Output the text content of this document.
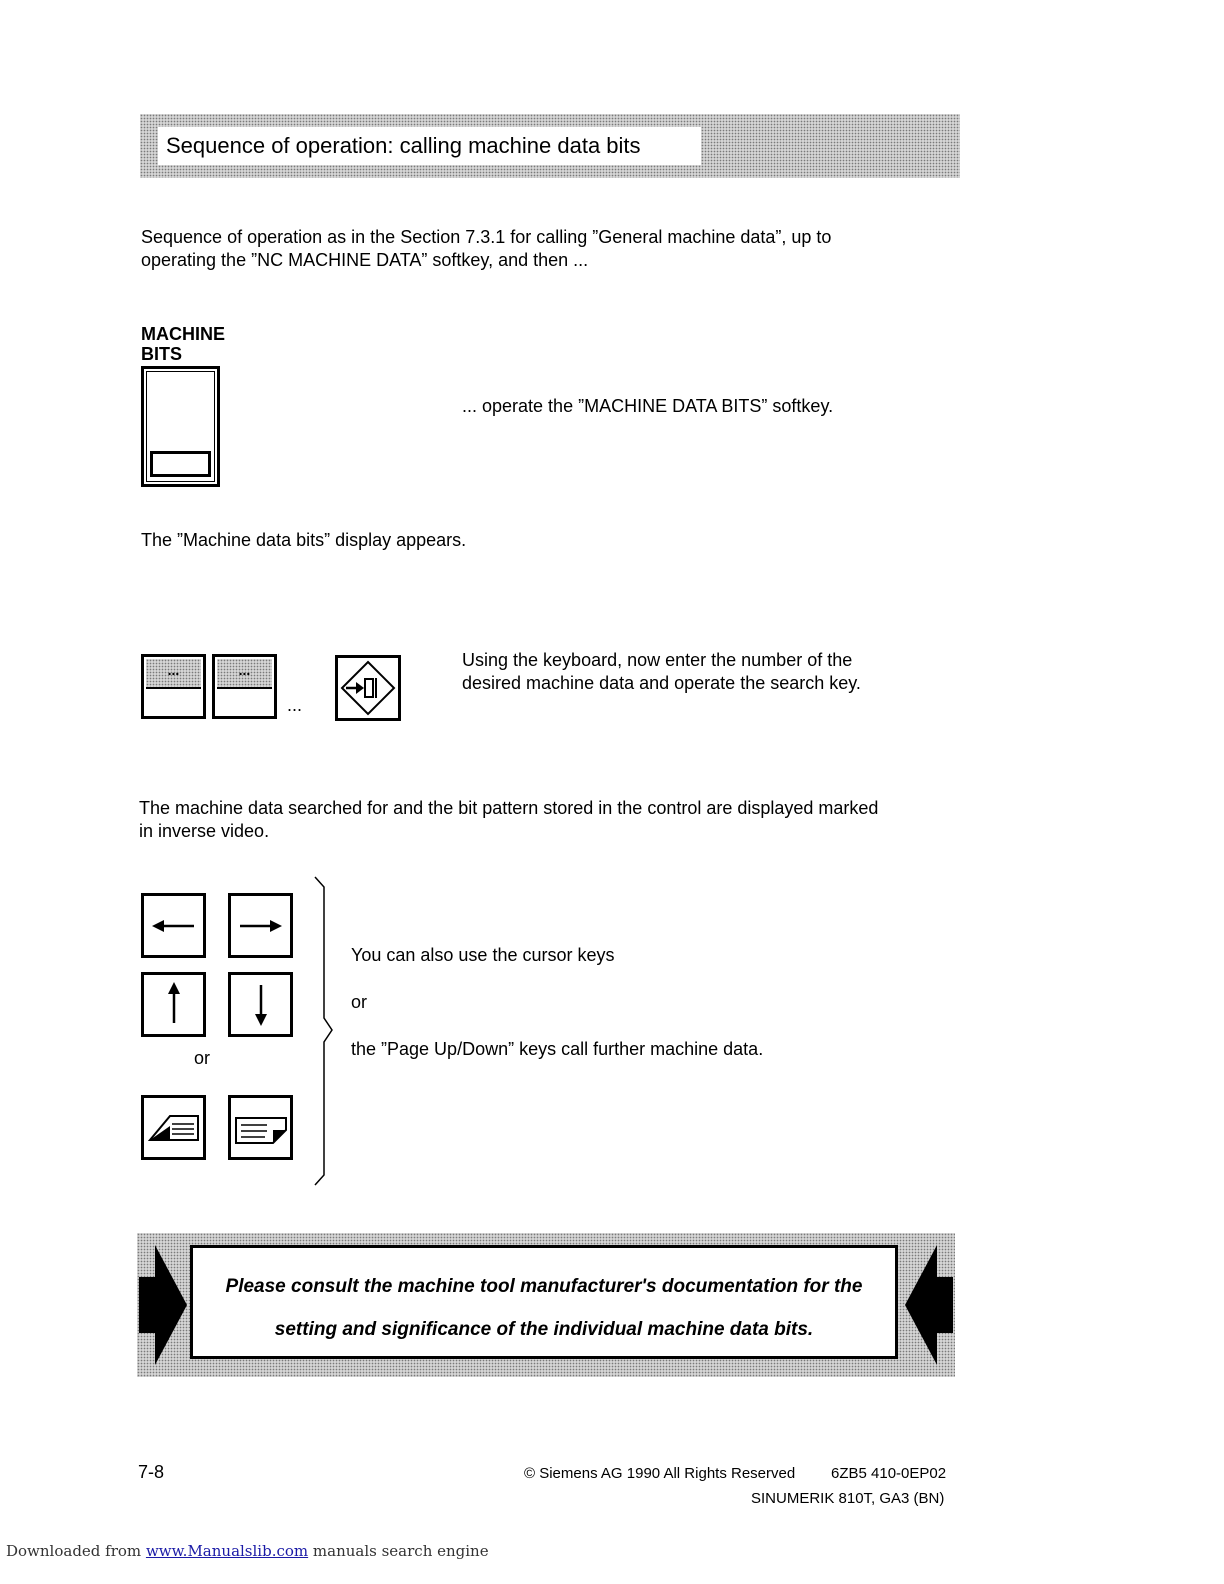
Sequence of operation: calling machine data bits
Sequence of operation as in the Section 7.3.1 for calling ”General machine data”, up to
operating the ”NC MACHINE DATA” softkey, and then ...
MACHINE
BITS
... operate the ”MACHINE DATA BITS” softkey.
The ”Machine data bits” display appears.
...	...
...
Using the keyboard, now enter the number of the
desired machine data and operate the search key.
The machine data searched for and the bit pattern stored in the control are displayed marked
in inverse video.
or
You can also use the cursor keys
or
the ”Page Up/Down” keys call further machine data.
Please consult the machine tool manufacturer's documentation for the
setting and significance of the individual machine data bits.
7-8	© Siemens AG 1990 All Rights Reserved 6ZB5 410-0EP02
SINUMERIK 810T, GA3 (BN)
Downloaded from www.Manualslib.com manuals search engine
